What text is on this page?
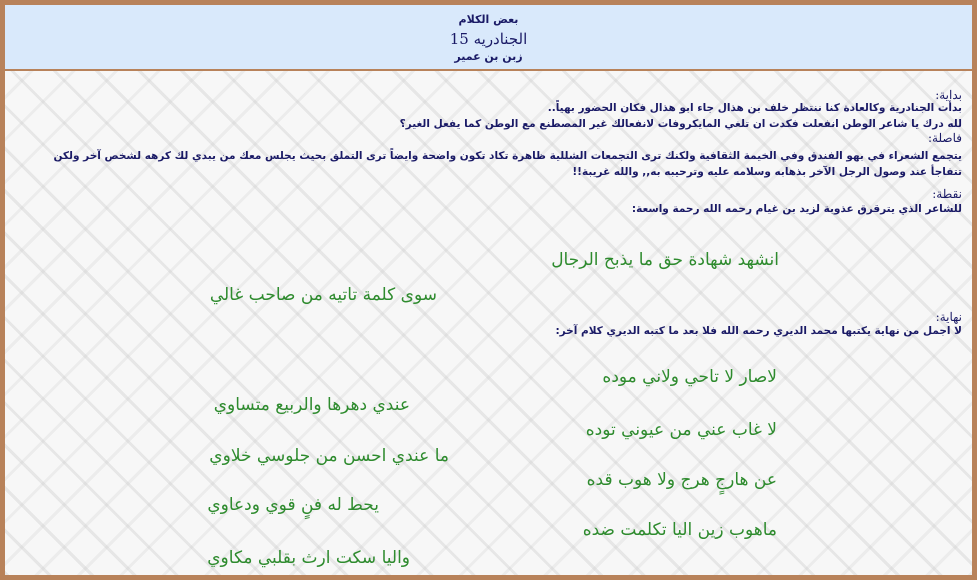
بعض الكلام
الجنادريه 15
زبن بن عمير
بداية:
بدأت الجنادرية وكالعادة كنا ننتظر خلف بن هذال جاء ابو هذال فكان الحضور بهياً..
لله درك يا شاعر الوطن انفعلت فكدت ان تلغي المايكروفات لانفعالك غير المصطنع مع الوطن كما يفعل الغير؟
فاصلة:
يتجمع الشعراء في بهو الفندق وفي الخيمة الثقافية ولكنك ترى التجمعات الشللية ظاهرة تكاد تكون واضحة وايضاً ترى التملق بحيث يجلس معك من يبدي لك كرهه لشخص آخر ولكن تتفاجأ عند وصول الرجل الآخر بذهابه وسلامه عليه وترحيبه به,, والله غريبة!!
نقطة:
للشاعر الذي يترقرق عذوبة لزيد بن غيام رحمه الله رحمة واسعة:
انشهد شهادة حق ما يذبح الرجال
سوى كلمة تاتيه من صاحب غالي
نهاية:
لا اجمل من نهاية يكتبها محمد الديري رحمه الله فلا بعد ما كتبه الديري كلام آخر:
لاصار لا تاحي ولاني موده
عندي دهرها والربيع متساوي
لا غاب عني من عيوني توده
ما عندي احسن من جلوسي خلاوي
عن هارجٍ هرج ولا هوب قده
يحط له فنٍ قوي ودعاوي
ماهوب زين اليا تكلمت ضده
واليا سكت ارث بقلبي مكاوي
